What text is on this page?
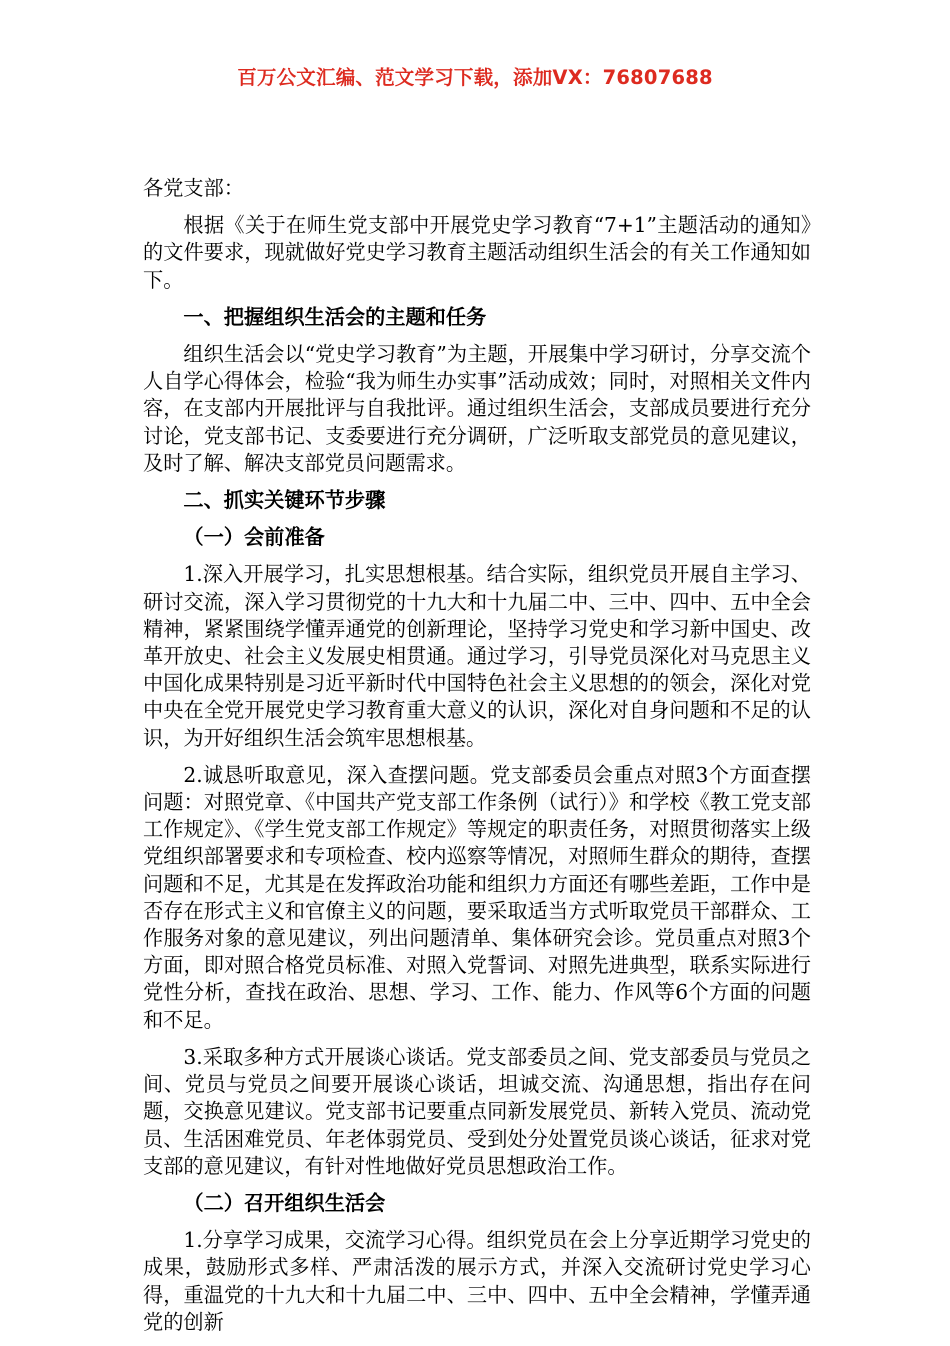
百万公文汇编、范文学习下载，添加VX：76807688

各党支部：

根据《关于在师生党支部中开展党史学习教育“7+1”主题活动的通知》的文件要求，现就做好党史学习教育主题活动组织生活会的有关工作通知如下。

一、把握组织生活会的主题和任务

组织生活会以“党史学习教育”为主题，开展集中学习研讨，分享交流个人自学心得体会，检验“我为师生办实事”活动成效；同时，对照相关文件内容，在支部内开展批评与自我批评。通过组织生活会，支部成员要进行充分讨论，党支部书记、支委要进行充分调研，广泛听取支部党员的意见建议，及时了解、解决支部党员问题需求。

二、抓实关键环节步骤
（一）会前准备

1.深入开展学习，扎实思想根基。结合实际，组织党员开展自主学习、研讨交流，深入学习贯彻党的十九大和十九届二中、三中、四中、五中全会精神，紧紧围绕学懂弄通党的创新理论，坚持学习党史和学习新中国史、改革开放史、社会主义发展史相贯通。通过学习，引导党员深化对马克思主义中国化成果特别是习近平新时代中国特色社会主义思想的的领会，深化对党中央在全党开展党史学习教育重大意义的认识，深化对自身问题和不足的认识，为开好组织生活会筑牢思想根基。

2.诚恳听取意见，深入查摆问题。党支部委员会重点对照3个方面查摆问题：对照党章、《中国共产党支部工作条例（试行）》和学校《教工党支部工作规定》、《学生党支部工作规定》等规定的职责任务，对照贯彻落实上级党组织部署要求和专项检查、校内巡察等情况，对照师生群众的期待，查摆问题和不足，尤其是在发挥政治功能和组织力方面还有哪些差距，工作中是否存在形式主义和官僚主义的问题，要采取适当方式听取党员干部群众、工作服务对象的意见建议，列出问题清单、集体研究会诊。党员重点对照3个方面，即对照合格党员标准、对照入党誓词、对照先进典型，联系实际进行党性分析，查找在政治、思想、学习、工作、能力、作风等6个方面的问题和不足。

3.采取多种方式开展谈心谈话。党支部委员之间、党支部委员与党员之间、党员与党员之间要开展谈心谈话，坦诚交流、沟通思想，指出存在问题，交换意见建议。党支部书记要重点同新发展党员、新转入党员、流动党员、生活困难党员、年老体弱党员、受到处分处置党员谈心谈话，征求对党支部的意见建议，有针对性地做好党员思想政治工作。

（二）召开组织生活会

1.分享学习成果，交流学习心得。组织党员在会上分享近期学习党史的成果，鼓励形式多样、严肃活泼的展示方式，并深入交流研讨党史学习心得，重温党的十九大和十九届二中、三中、四中、五中全会精神，学懂弄通党的创新
